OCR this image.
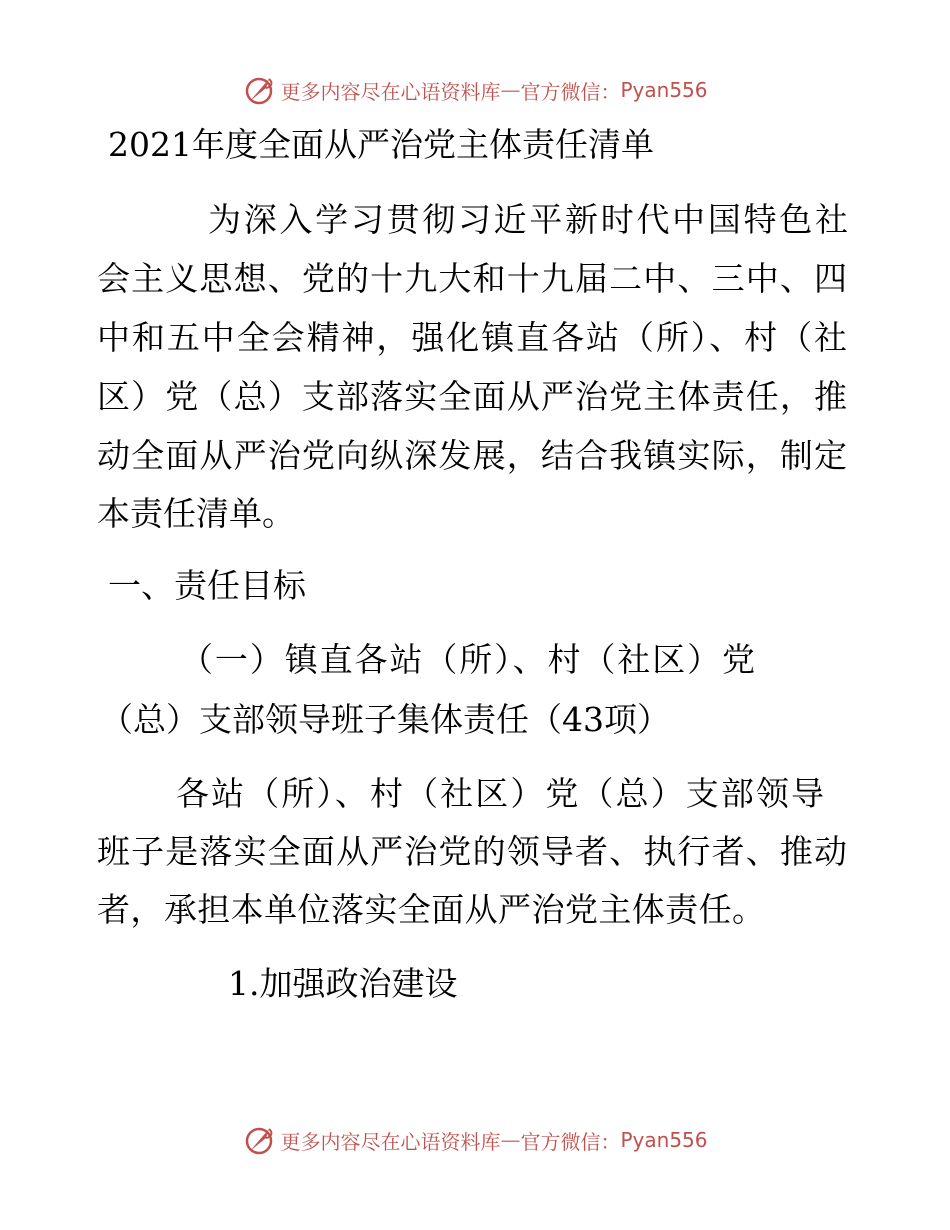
更多内容尽在心语资料库 — 官方微信： Pyan556
2021年度全面从严治党主体责任清单
为深入学习贯彻习近平新时代中国特色社
会主义思想、党的十九大和十九届二中、三中、四
中和五中全会精神，强化镇直各站（所）、村（社
区）党（总）支部落实全面从严治党主体责任，推
动全面从严治党向纵深发展，结合我镇实际，制定
本责任清单。
一、责任目标
（一）镇直各站（所）、村（社区）党
（总）支部领导班子集体责任（43项）
各站（所）、村（社区）党（总）支部领导
班子是落实全面从严治党的领导者、执行者、推动
者，承担本单位落实全面从严治党主体责任。
1.加强政治建设
更多内容尽在心语资料库 — 官方微信： Pyan556
